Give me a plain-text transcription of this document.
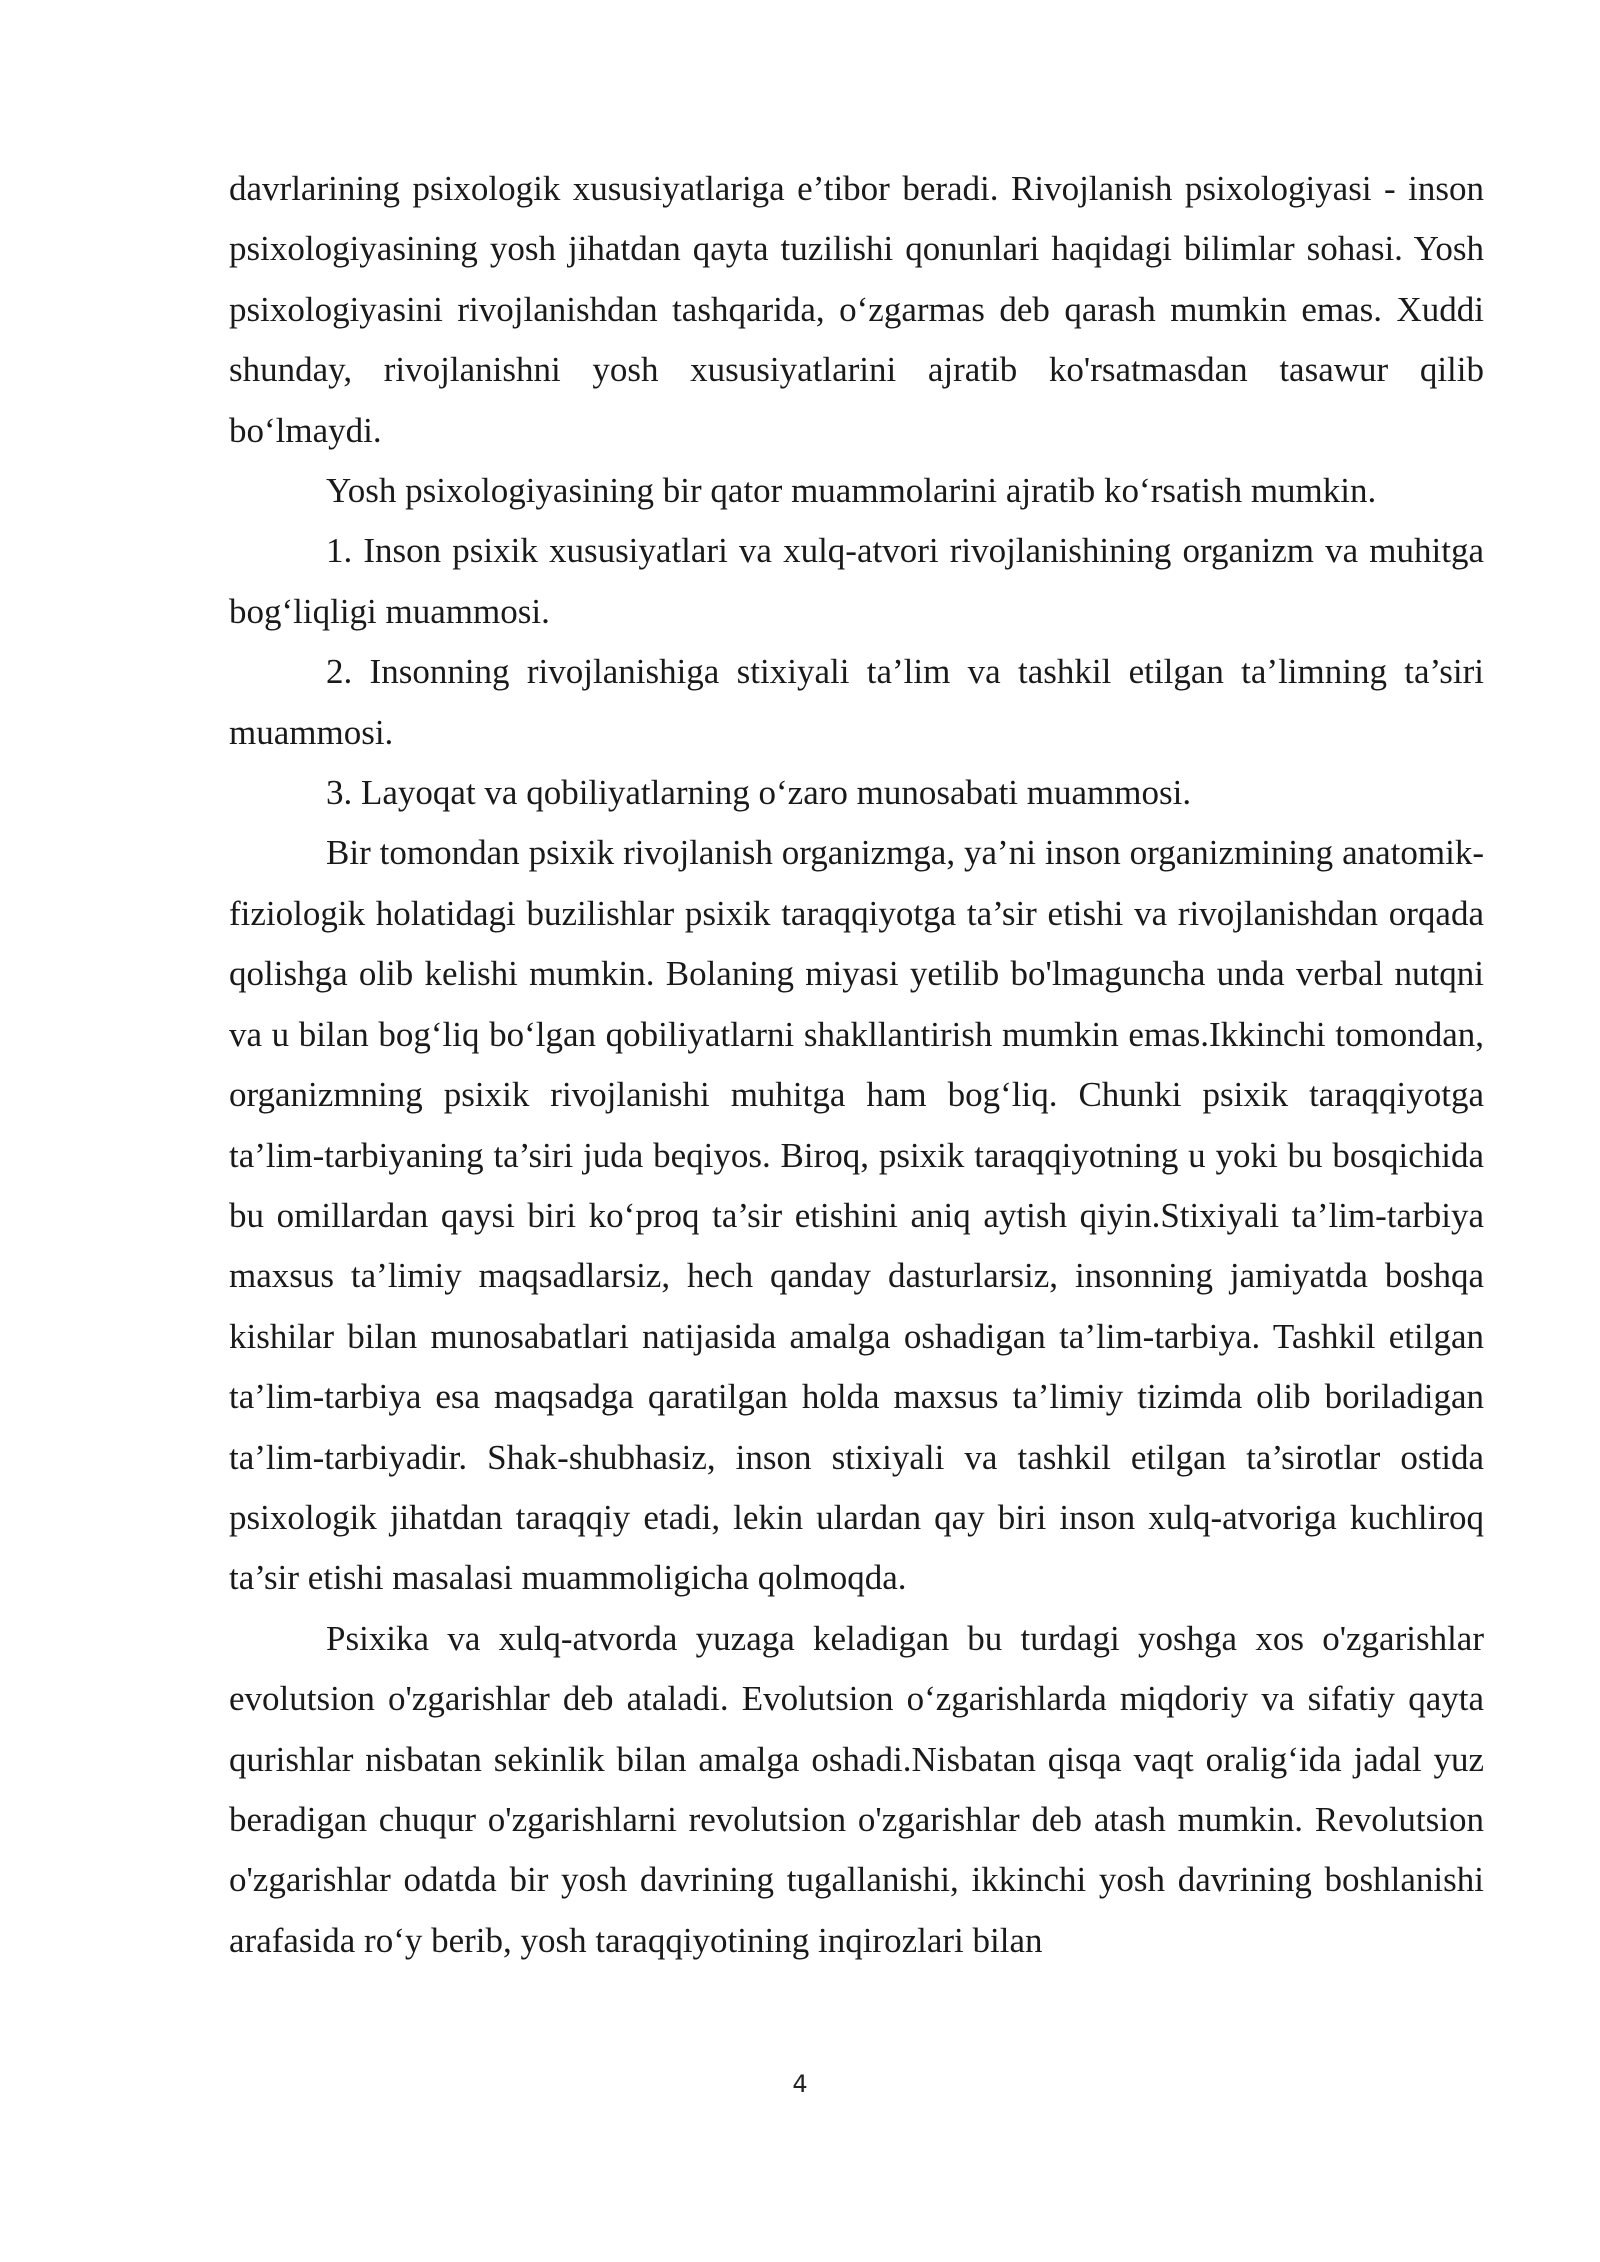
davrlarining psixologik xususiyatlariga e’tibor beradi. Rivojlanish psixologiyasi - inson psixologiyasining yosh jihatdan qayta tuzilishi qonunlari haqidagi bilimlar sohasi. Yosh psixologiyasini rivojlanishdan tashqarida, o‘zgarmas deb qarash mumkin emas. Xuddi shunday, rivojlanishni yosh xususiyatlarini ajratib ko'rsatmasdan tasawur qilib bo‘lmaydi.

Yosh psixologiyasining bir qator muammolarini ajratib ko‘rsatish mumkin.

1. Inson psixik xususiyatlari va xulq-atvori rivojlanishining organizm va muhitga bog‘liqligi muammosi.

2. Insonning rivojlanishiga stixiyali ta’lim va tashkil etilgan ta’limning ta’siri muammosi.

3. Layoqat va qobiliyatlarning o‘zaro munosabati muammosi.

Bir tomondan psixik rivojlanish organizmga, ya’ni inson organizmining anatomik-fiziologik holatidagi buzilishlar psixik taraqqiyotga ta’sir etishi va rivojlanishdan orqada qolishga olib kelishi mumkin. Bolaning miyasi yetilib bo'lmaguncha unda verbal nutqni va u bilan bog‘liq bo‘lgan qobiliyatlarni shakllantirish mumkin emas.Ikkinchi tomondan, organizmning psixik rivojlanishi muhitga ham bog‘liq. Chunki psixik taraqqiyotga ta’lim-tarbiyaning ta’siri juda beqiyos. Biroq, psixik taraqqiyotning u yoki bu bosqichida bu omillardan qaysi biri ko‘proq ta’sir etishini aniq aytish qiyin.Stixiyali ta’lim-tarbiya maxsus ta’limiy maqsadlarsiz, hech qanday dasturlarsiz, insonning jamiyatda boshqa kishilar bilan munosabatlari natijasida amalga oshadigan ta’lim-tarbiya. Tashkil etilgan ta’lim-tarbiya esa maqsadga qaratilgan holda maxsus ta’limiy tizimda olib boriladigan ta’lim-tarbiyadir. Shak-shubhasiz, inson stixiyali va tashkil etilgan ta’sirotlar ostida psixologik jihatdan taraqqiy etadi, lekin ulardan qay biri inson xulq-atvoriga kuchliroq ta’sir etishi masalasi muammoligicha qolmoqda.

Psixika va xulq-atvorda yuzaga keladigan bu turdagi yoshga xos o'zgarishlar evolutsion o'zgarishlar deb ataladi. Evolutsion o‘zgarishlarda miqdoriy va sifatiy qayta qurishlar nisbatan sekinlik bilan amalga oshadi.Nisbatan qisqa vaqt oralig‘ida jadal yuz beradigan chuqur o'zgarishlarni revolutsion o'zgarishlar deb atash mumkin. Revolutsion o'zgarishlar odatda bir yosh davrining tugallanishi, ikkinchi yosh davrining boshlanishi arafasida ro‘y berib, yosh taraqqiyotining inqirozlari bilan

4
